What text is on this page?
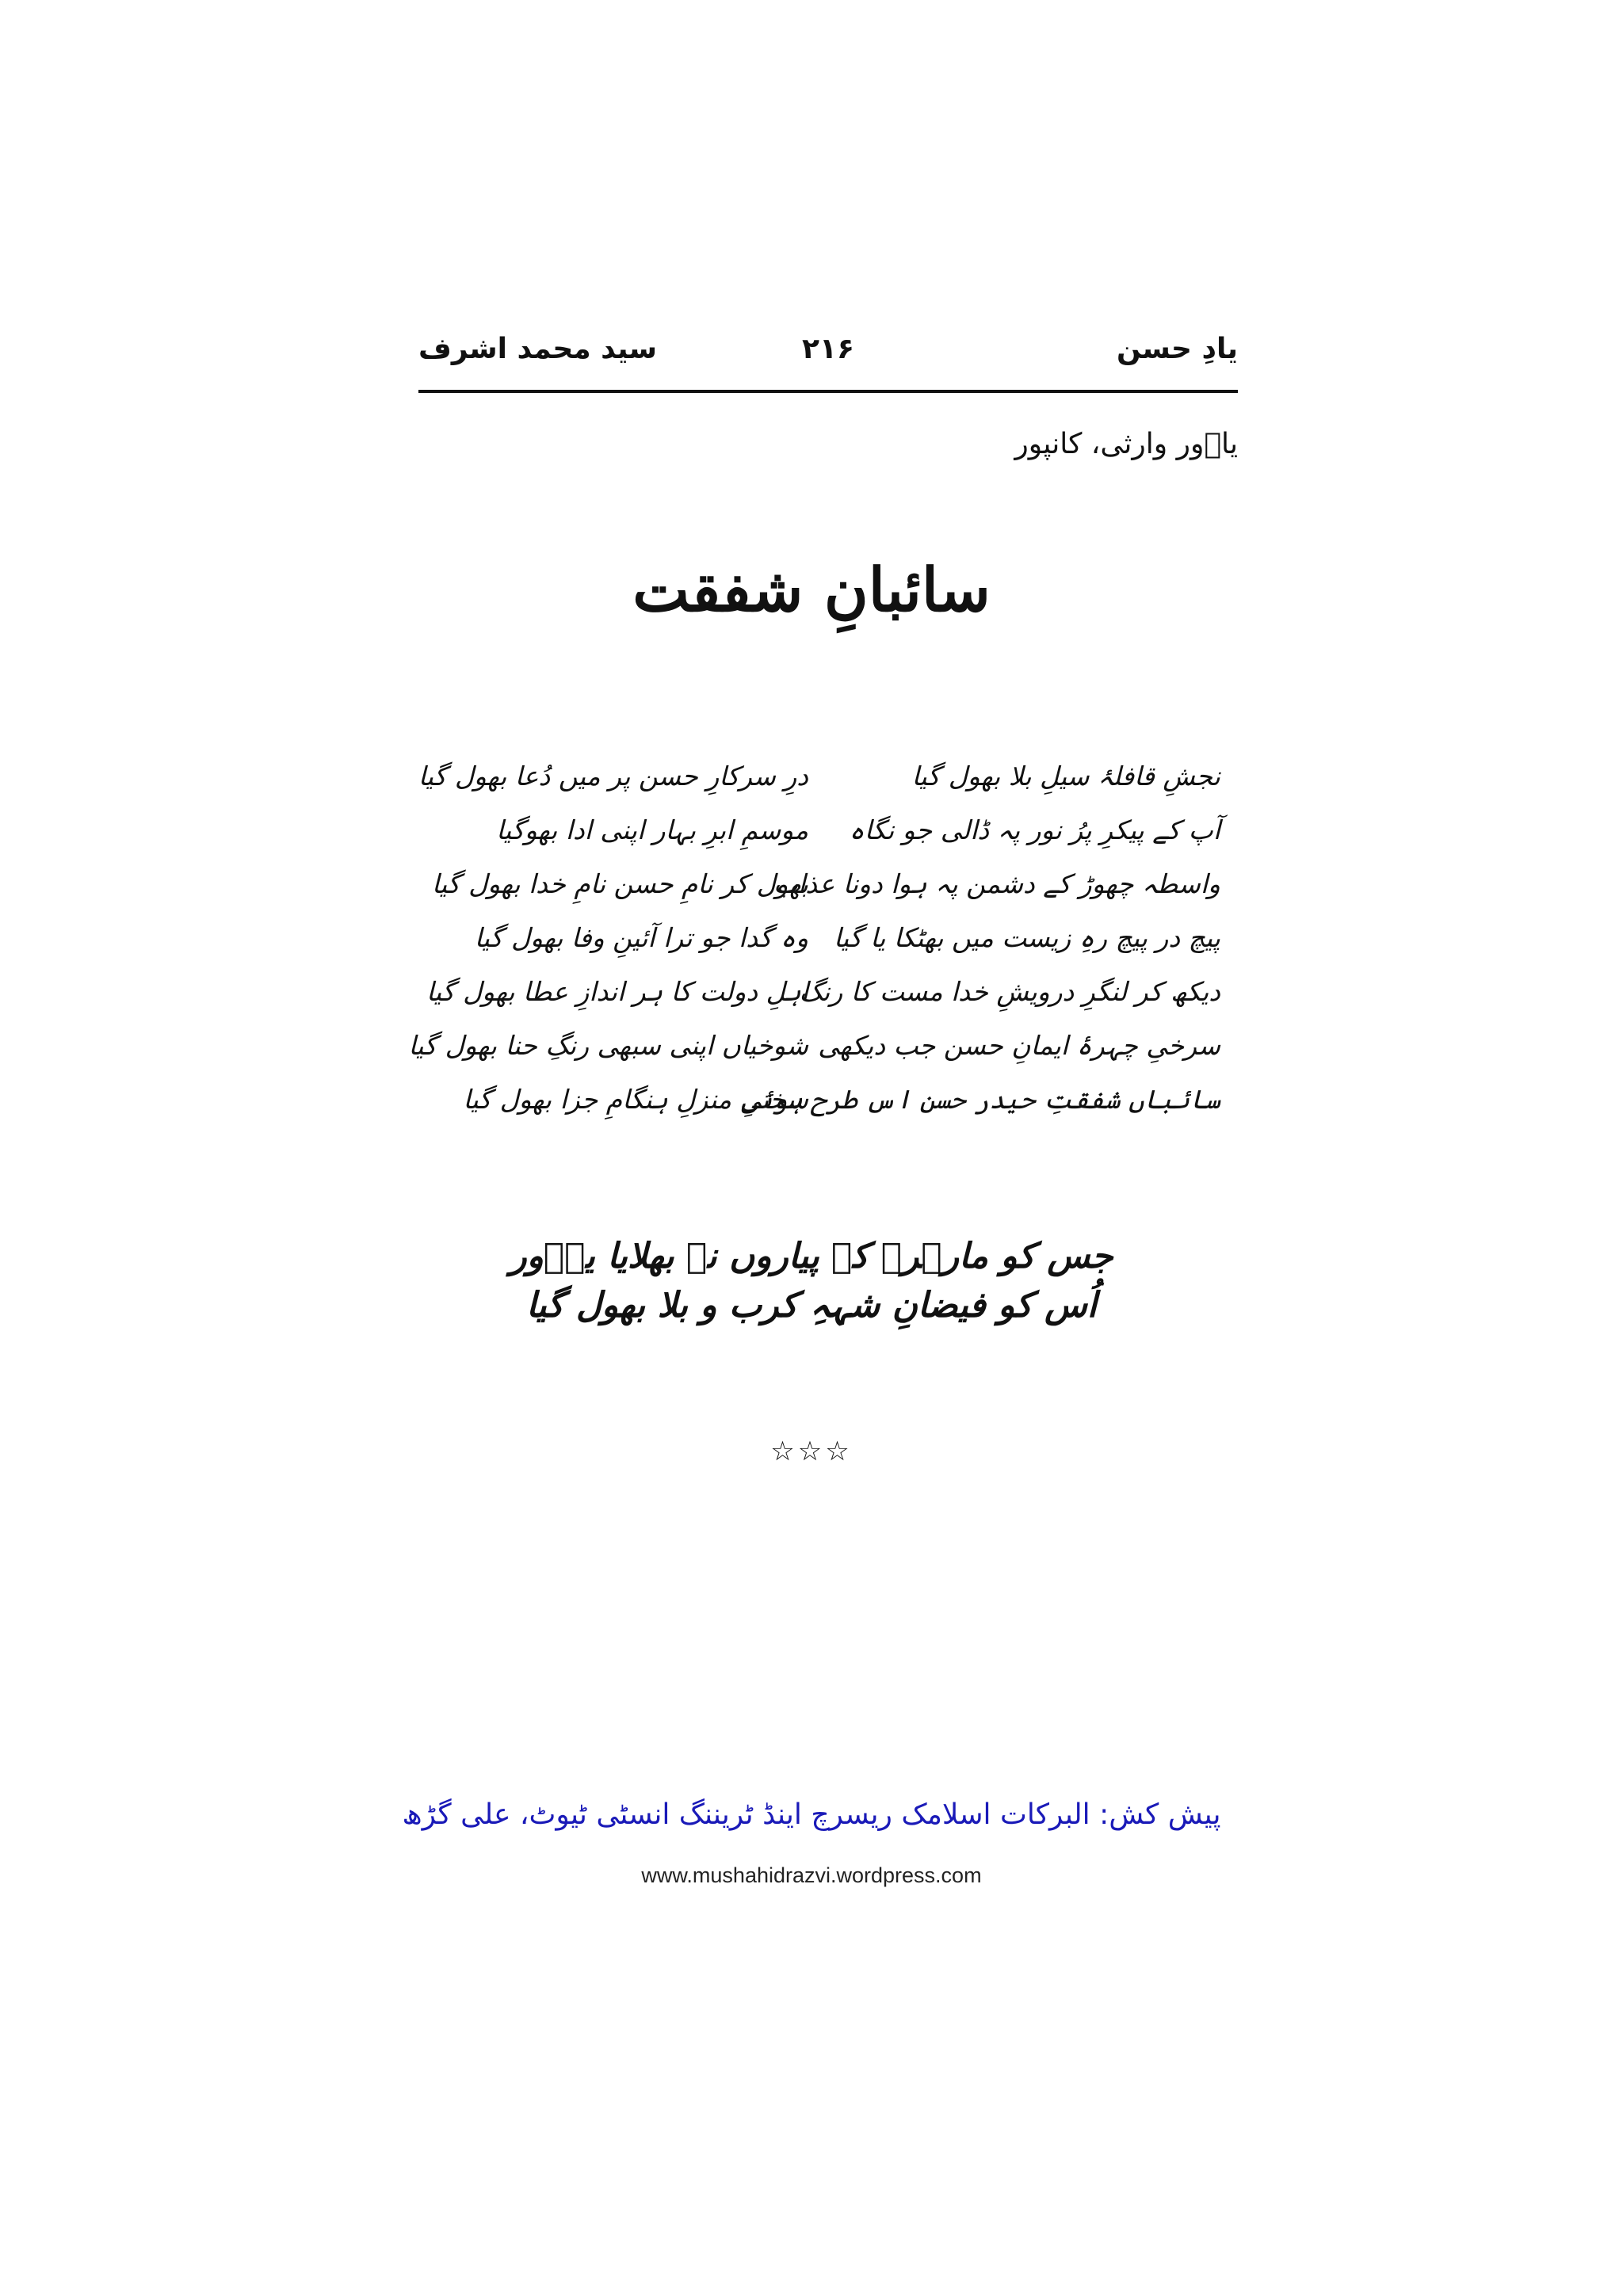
یادِ حسن
۲۱۶
سید محمد اشرف
یاؔور وارثی، کانپور
سائبانِ شفقت
نجشِ قافلۂ سیلِ بلا بھول گیا
درِ سرکارِ حسن پر میں دُعا بھول گیا
آپ کے پیکرِ پرُ نور پہ ڈالی جو نگاہ
موسمِ ابرِ بہار اپنی ادا بھوگیا
واسطہ چھوڑ کے دشمن پہ ہوا دونا عذاب
بھول کر نامِ حسن نامِ خدا بھول گیا
پیچ در پیچ رہِ زیست میں بھٹکا یا گیا
وہ گدا جو ترا آئینِ وفا بھول گیا
دیکھ کر لنگرِ درویشِ خدا مست کا رنگ
اہلِ دولت کا ہر اندازِ عطا بھول گیا
سرخیِ چہرۂ ایمانِ حسن جب دیکھی
شوخیاں اپنی سبھی رنگِ حنا بھول گیا
سائباں شفقتِ حیدر حسن اس طرح ہوئی
سختیِ منزلِ ہنگامِ جزا بھول گیا
جس کو مارہرہ کے پیاروں نے بھلایا یاؔور
اُس کو فیضانِ شہہِ کرب و بلا بھول گیا
☆☆☆
پیش کش: البرکات اسلامک ریسرچ اینڈ ٹریننگ انسٹی ٹیوٹ، علی گڑھ
www.mushahidrazvi.wordpress.com
